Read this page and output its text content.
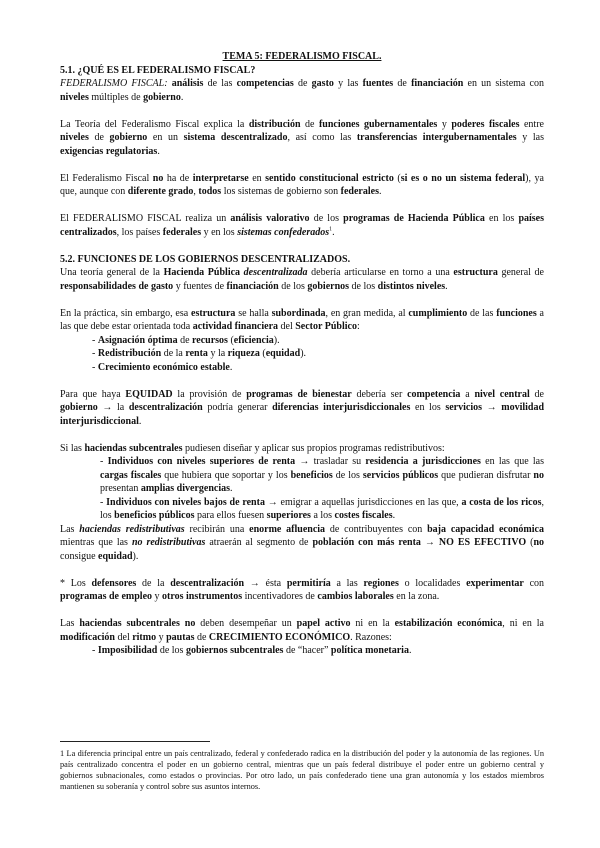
TEMA 5: FEDERALISMO FISCAL.

5.1. ¿QUÉ ES EL FEDERALISMO FISCAL?

FEDERALISMO FISCAL: análisis de las competencias de gasto y las fuentes de financiación en un sistema con niveles múltiples de gobierno.

La Teoría del Federalismo Fiscal explica la distribución de funciones gubernamentales y poderes fiscales entre niveles de gobierno en un sistema descentralizado, así como las transferencias intergubernamentales y las exigencias regulatorias.

El Federalismo Fiscal no ha de interpretarse en sentido constitucional estricto (si es o no un sistema federal), ya que, aunque con diferente grado, todos los sistemas de gobierno son federales.

El FEDERALISMO FISCAL realiza un análisis valorativo de los programas de Hacienda Pública en los países centralizados, los países federales y en los sistemas confederados$^1$.

5.2. FUNCIONES DE LOS GOBIERNOS DESCENTRALIZADOS.

Una teoría general de la Hacienda Pública descentralizada debería articularse en torno a una estructura general de responsabilidades de gasto y fuentes de financiación de los gobiernos de los distintos niveles.

En la práctica, sin embargo, esa estructura se halla subordinada, en gran medida, al cumplimiento de las funciones a las que debe estar orientada toda actividad financiera del Sector Público:

- Asignación óptima de recursos (eficiencia).

- Redistribución de la renta y la riqueza (equidad).

- Crecimiento económico estable.

Para que haya EQUIDAD la provisión de programas de bienestar debería ser competencia a nivel central de gobierno → la descentralización podría generar diferencias interjurisdiccionales en los servicios → movilidad interjurisdiccional.

Si las haciendas subcentrales pudiesen diseñar y aplicar sus propios programas redistributivos:

- Individuos con niveles superiores de renta → trasladar su residencia a jurisdicciones en las que las cargas fiscales que hubiera que soportar y los beneficios de los servicios públicos que pudieran disfrutar no presentan amplias divergencias.

- Individuos con niveles bajos de renta → emigrar a aquellas jurisdicciones en las que, a costa de los ricos, los beneficios públicos para ellos fuesen superiores a los costes fiscales.

Las haciendas redistributivas recibirán una enorme afluencia de contribuyentes con baja capacidad económica mientras que las no redistributivas atraerán al segmento de población con más renta → NO ES EFECTIVO (no consigue equidad).

* Los defensores de la descentralización → ésta permitiría a las regiones o localidades experimentar con programas de empleo y otros instrumentos incentivadores de cambios laborales en la zona.

Las haciendas subcentrales no deben desempeñar un papel activo ni en la estabilización económica, ni en la modificación del ritmo y pautas de CRECIMIENTO ECONÓMICO. Razones:

- Imposibilidad de los gobiernos subcentrales de “hacer” política monetaria.

1 La diferencia principal entre un país centralizado, federal y confederado radica en la distribución del poder y la autonomía de las regiones. Un país centralizado concentra el poder en un gobierno central, mientras que un país federal distribuye el poder entre un gobierno central y gobiernos subnacionales, como estados o provincias. Por otro lado, un país confederado tiene una gran autonomía y los estados miembros mantienen su soberanía y control sobre sus asuntos internos.
